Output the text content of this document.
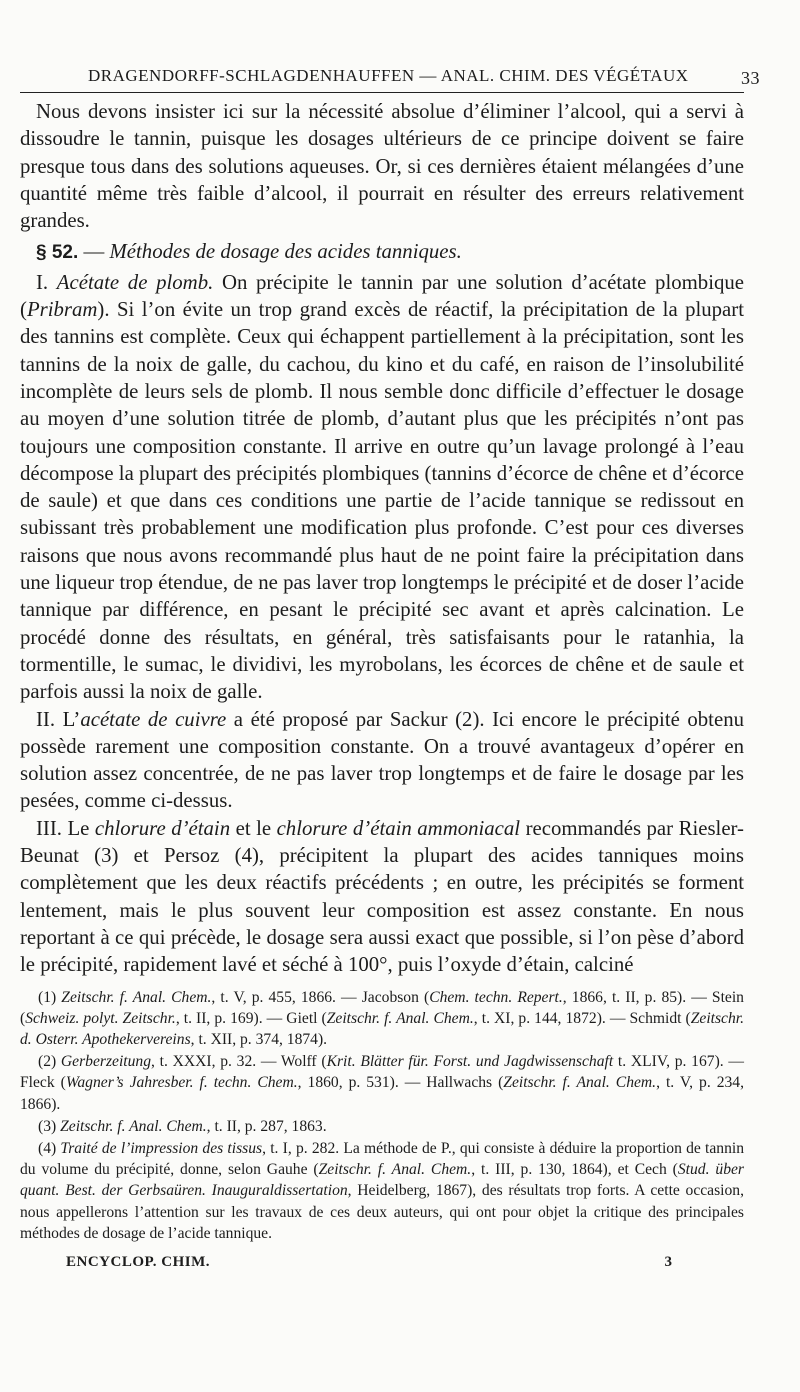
DRAGENDORFF-SCHLAGDENHAUFFEN — ANAL. CHIM. DES VÉGÉTAUX	33

Nous devons insister ici sur la nécessité absolue d’éliminer l’alcool, qui a servi à dissoudre le tannin, puisque les dosages ultérieurs de ce principe doivent se faire presque tous dans des solutions aqueuses. Or, si ces dernières étaient mélangées d’une quantité même très faible d’alcool, il pourrait en résulter des erreurs relativement grandes.

§ 52. — Méthodes de dosage des acides tanniques.

I. Acétate de plomb. On précipite le tannin par une solution d’acétate plombique (Pribram). Si l’on évite un trop grand excès de réactif, la précipitation de la plupart des tannins est complète. Ceux qui échappent partiellement à la précipitation, sont les tannins de la noix de galle, du cachou, du kino et du café, en raison de l’insolubilité incomplète de leurs sels de plomb. Il nous semble donc difficile d’effectuer le dosage au moyen d’une solution titrée de plomb, d’autant plus que les précipités n’ont pas toujours une composition constante. Il arrive en outre qu’un lavage prolongé à l’eau décompose la plupart des précipités plombiques (tannins d’écorce de chêne et d’écorce de saule) et que dans ces conditions une partie de l’acide tannique se redissout en subissant très probablement une modification plus profonde. C’est pour ces diverses raisons que nous avons recommandé plus haut de ne point faire la précipitation dans une liqueur trop étendue, de ne pas laver trop longtemps le précipité et de doser l’acide tannique par différence, en pesant le précipité sec avant et après calcination. Le procédé donne des résultats, en général, très satisfaisants pour le ratanhia, la tormentille, le sumac, le dividivi, les myrobolans, les écorces de chêne et de saule et parfois aussi la noix de galle.

II. L’acétate de cuivre a été proposé par Sackur (2). Ici encore le précipité obtenu possède rarement une composition constante. On a trouvé avantageux d’opérer en solution assez concentrée, de ne pas laver trop longtemps et de faire le dosage par les pesées, comme ci-dessus.

III. Le chlorure d’étain et le chlorure d’étain ammoniacal recommandés par Riesler-Beunat (3) et Persoz (4), précipitent la plupart des acides tanniques moins complètement que les deux réactifs précédents ; en outre, les précipités se forment lentement, mais le plus souvent leur composition est assez constante. En nous reportant à ce qui précède, le dosage sera aussi exact que possible, si l’on pèse d’abord le précipité, rapidement lavé et séché à 100°, puis l’oxyde d’étain, calciné

(1) Zeitschr. f. Anal. Chem., t. V, p. 455, 1866. — Jacobson (Chem. techn. Repert., 1866, t. II, p. 85). — Stein (Schweiz. polyt. Zeitschr., t. II, p. 169). — Gietl (Zeitschr. f. Anal. Chem., t. XI, p. 144, 1872). — Schmidt (Zeitschr. d. Osterr. Apothekervereins, t. XII, p. 374, 1874).

(2) Gerberzeitung, t. XXXI, p. 32. — Wolff (Krit. Blätter für. Forst. und Jagdwissenschaft t. XLIV, p. 167). — Fleck (Wagner’s Jahresber. f. techn. Chem., 1860, p. 531). — Hallwachs (Zeitschr. f. Anal. Chem., t. V, p. 234, 1866).

(3) Zeitschr. f. Anal. Chem., t. II, p. 287, 1863.

(4) Traité de l’impression des tissus, t. I, p. 282. La méthode de P., qui consiste à déduire la proportion de tannin du volume du précipité, donne, selon Gauhe (Zeitschr. f. Anal. Chem., t. III, p. 130, 1864), et Cech (Stud. über quant. Best. der Gerbsaüren. Inauguraldissertation, Heidelberg, 1867), des résultats trop forts. A cette occasion, nous appellerons l’attention sur les travaux de ces deux auteurs, qui ont pour objet la critique des principales méthodes de dosage de l’acide tannique.

ENCYCLOP. CHIM.	3
